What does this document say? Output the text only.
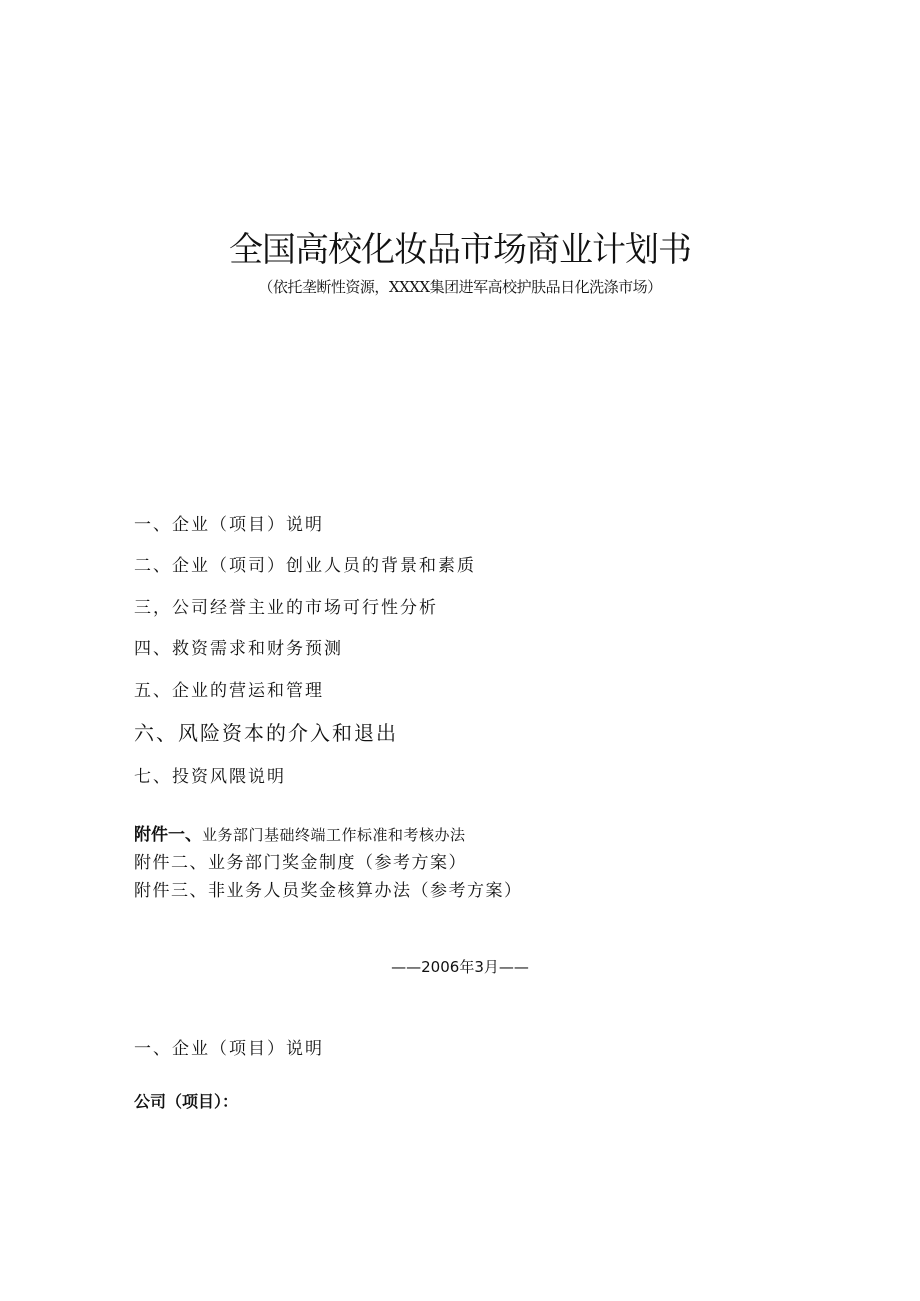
全国高校化妆品市场商业计划书
（依托垄断性资源，XXXX集团进军高校护肤品日化洗涤市场）
一、企业（项目）说明
二、企业（项司）创业人员的背景和素质
三，公司经誉主业的市场可行性分析
四、救资需求和财务预测
五、企业的营运和管理
六、风险资本的介入和退出
七、投资风隈说明
附件一、业务部门基础终端工作标准和考核办法
附件二、业务部门奖金制度（参考方案）
附件三、非业务人员奖金核算办法（参考方案）
——2006年3月——
一、企业（项目）说明
公司（项目）：
